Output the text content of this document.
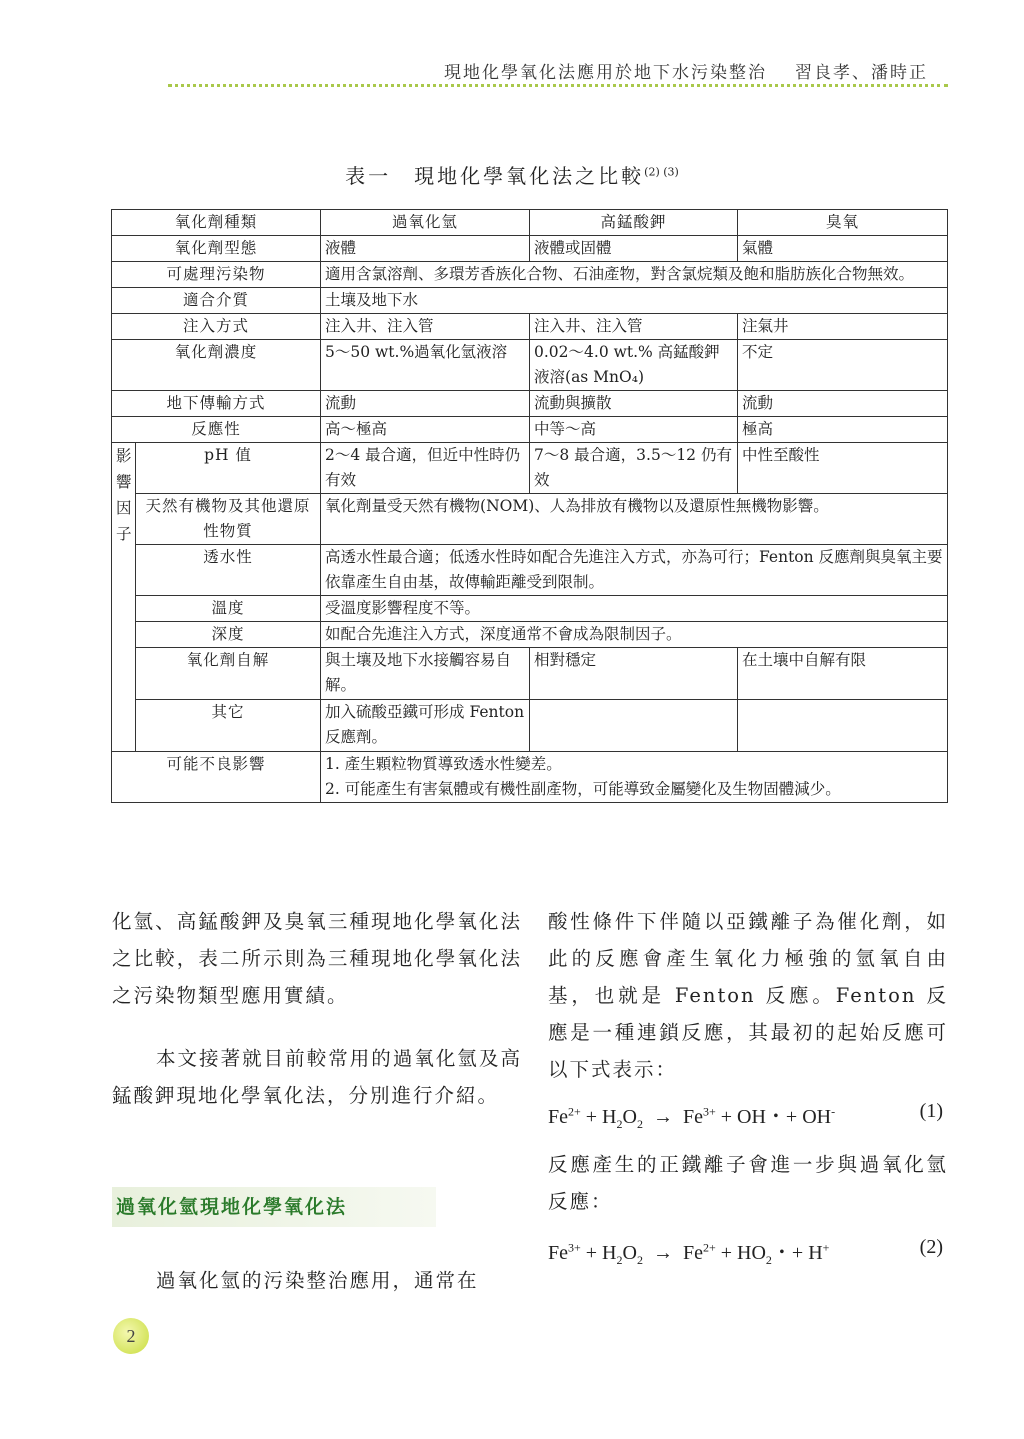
現地化學氧化法應用於地下水污染整治 習良孝、潘時正
表一　現地化學氧化法之比較$^{(2) (3)}$
氧化劑種類		過氧化氫	高錳酸鉀	臭氧
氧化劑型態		液體	液體或固體	氣體
可處理污染物		適用含氯溶劑、多環芳香族化合物、石油產物，對含氯烷類及飽和脂肪族化合物無效。		
適合介質		土壤及地下水		
注入方式		注入井、注入管	注入井、注入管	注氣井
氧化劑濃度		5～50 wt.%過氧化氫液溶	0.02～4.0 wt.% 高錳酸鉀液溶(as MnO₄)	不定
地下傳輸方式		流動	流動與擴散	流動
反應性		高～極高	中等～高	極高

影
響
因
子	pH 值	2～4 最合適，但近中性時仍有效	7～8 最合適，3.5～12 仍有效	中性至酸性
	天然有機物及其他還原性物質	氧化劑量受天然有機物(NOM)、人為排放有機物以及還原性無機物影響。		
	透水性	高透水性最合適；低透水性時如配合先進注入方式，亦為可行；Fenton 反應劑與臭氧主要依靠產生自由基，故傳輸距離受到限制。		
	溫度	受溫度影響程度不等。		
	深度	如配合先進注入方式，深度通常不會成為限制因子。		
	氧化劑自解	與土壤及地下水接觸容易自解。	相對穩定	在土壤中自解有限
	其它	加入硫酸亞鐵可形成 Fenton 反應劑。		

可能不良影響		1. 產生顆粒物質導致透水性變差。
2. 可能產生有害氣體或有機性副產物，可能導致金屬變化及生物固體減少。		

化氫、高錳酸鉀及臭氧三種現地化學氧化法之比較，表二所示則為三種現地化學氧化法之污染物類型應用實績。

本文接著就目前較常用的過氧化氫及高錳酸鉀現地化學氧化法，分別進行介紹。

過氧化氫現地化學氧化法

過氧化氫的污染整治應用，通常在

酸性條件下伴隨以亞鐵離子為催化劑，如此的反應會產生氧化力極強的氫氧自由基，也就是 Fenton 反應。Fenton 反應是一種連鎖反應，其最初的起始反應可以下式表示：

$Fe^{2+} + H_2O_2 \to Fe^{3+}$ + OH・+ OH-	(1)

反應產生的正鐵離子會進一步與過氧化氫反應：

$Fe^{3+} + H_2O_2 \to Fe^{2+} + HO_2$・+ H+	(2)
2
